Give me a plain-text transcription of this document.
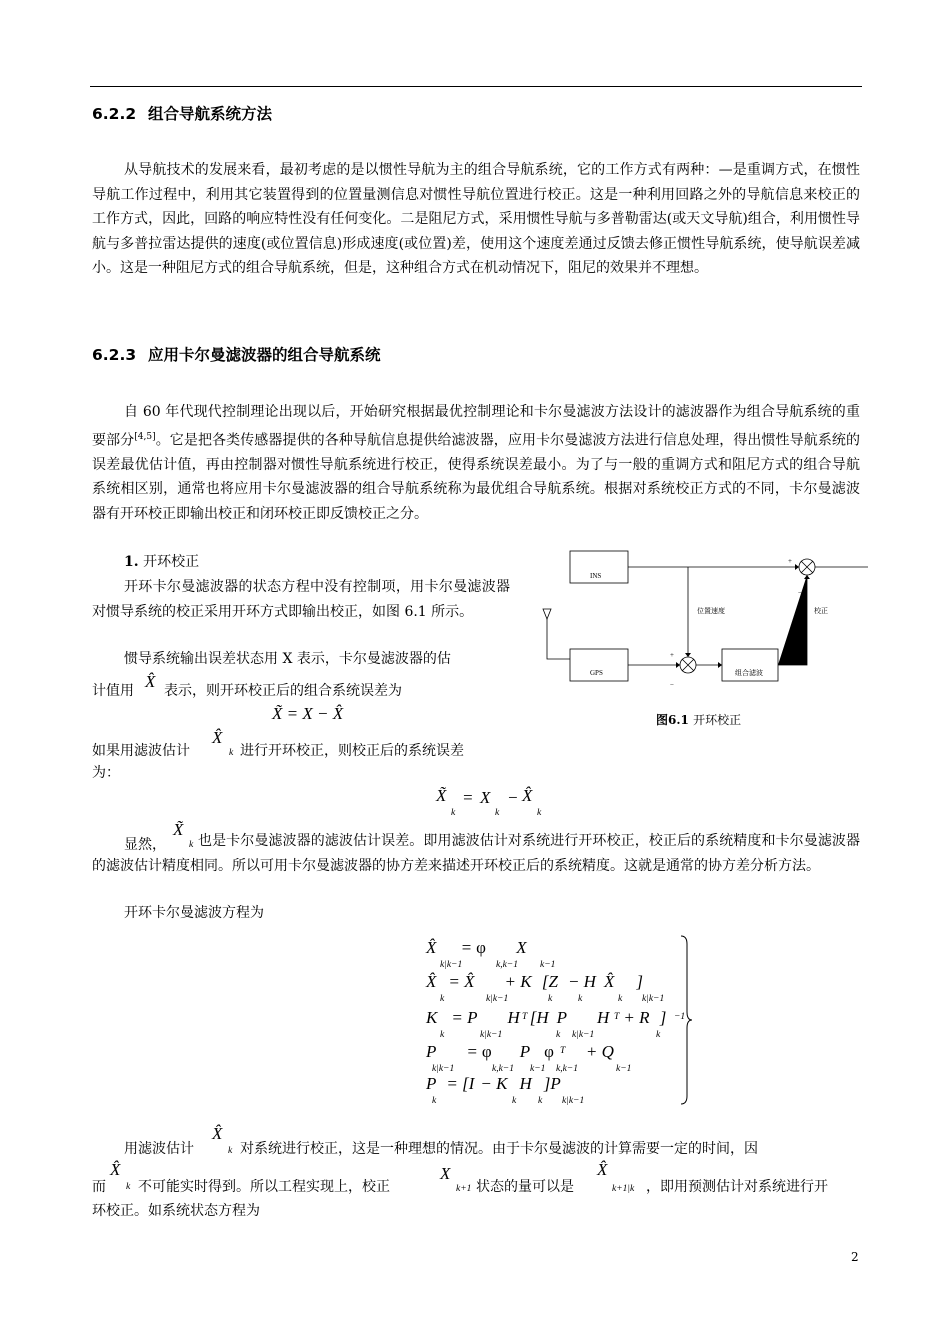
6.2.2 组合导航系统方法
从导航技术的发展来看，最初考虑的是以惯性导航为主的组合导航系统，它的工作方式有两种：—是重调方式，在惯性导航工作过程中，利用其它装置得到的位置量测信息对惯性导航位置进行校正。这是一种利用回路之外的导航信息来校正的工作方式，因此，回路的响应特性没有任何变化。二是阻尼方式，采用惯性导航与多普勒雷达(或天文导航)组合，利用惯性导航与多普拉雷达提供的速度(或位置信息)形成速度(或位置)差，使用这个速度差通过反馈去修正惯性导航系统，使导航误差减小。这是一种阻尼方式的组合导航系统，但是，这种组合方式在机动情况下，阻尼的效果并不理想。
6.2.3 应用卡尔曼滤波器的组合导航系统
自 60 年代现代控制理论出现以后，开始研究根据最优控制理论和卡尔曼滤波方法设计的滤波器作为组合导航系统的重要部分[4,5]。它是把各类传感器提供的各种导航信息提供给滤波器，应用卡尔曼滤波方法进行信息处理，得出惯性导航系统的误差最优估计值，再由控制器对惯性导航系统进行校正，使得系统误差最小。为了与一般的重调方式和阻尼方式的组合导航系统相区别，通常也将应用卡尔曼滤波器的组合导航系统称为最优组合导航系统。根据对系统校正方式的不同，卡尔曼滤波器有开环校正即输出校正和闭环校正即反馈校正之分。
1. 开环校正
开环卡尔曼滤波器的状态方程中没有控制项，用卡尔曼滤波器对惯导系统的校正采用开环方式即输出校正，如图 6.1 所示。
惯导系统输出误差状态用 X 表示，卡尔曼滤波器的估
计值用 X̂ 表示，则开环校正后的组合系统误差为
X̃ = X − X̂
如果用滤波估计
X̂
k 进行开环校正，则校正后的系统误差
为：
X̃
k
= X
k
− X̂
k
显然，
X̃
k 也是卡尔曼滤波器的滤波估计误差。即用滤波估计对系统进行开环校正，校正后的系统精度和卡尔曼滤波器的滤波估计精度相同。所以可用卡尔曼滤波器的协方差来描述开环校正后的系统精度。这就是通常的协方差分析方法。
开环卡尔曼滤波方程为
X̂ = φ X
k|k−1	k,k−1 k−1
X̂ = X̂ + K [Z − H X̂ ]
k	k|k−1	k	k	k k|k−1
K = P H [H P H + R ]
k	k|k−1
T
k k|k−1
T
k
−1
P = φ P φ + Q
k|k−1	k,k−1 k−1
T
k,k−1	k−1
P = [I − K H ]P
k	k k k|k−1
用滤波估计
X̂
k 对系统进行校正，这是一种理想的情况。由于卡尔曼滤波的计算需要一定的时间，因
而
X̂
k 不可能实时得到。所以工程实现上，校正
X
k+1 状态的量可以是
X̂
k+1|k ，即用预测估计对系统进行开
环校正。如系统状态方程为
INS
GPS	组合滤波
位置速度	校正
+
−
+
−
图6.1 开环校正
2
